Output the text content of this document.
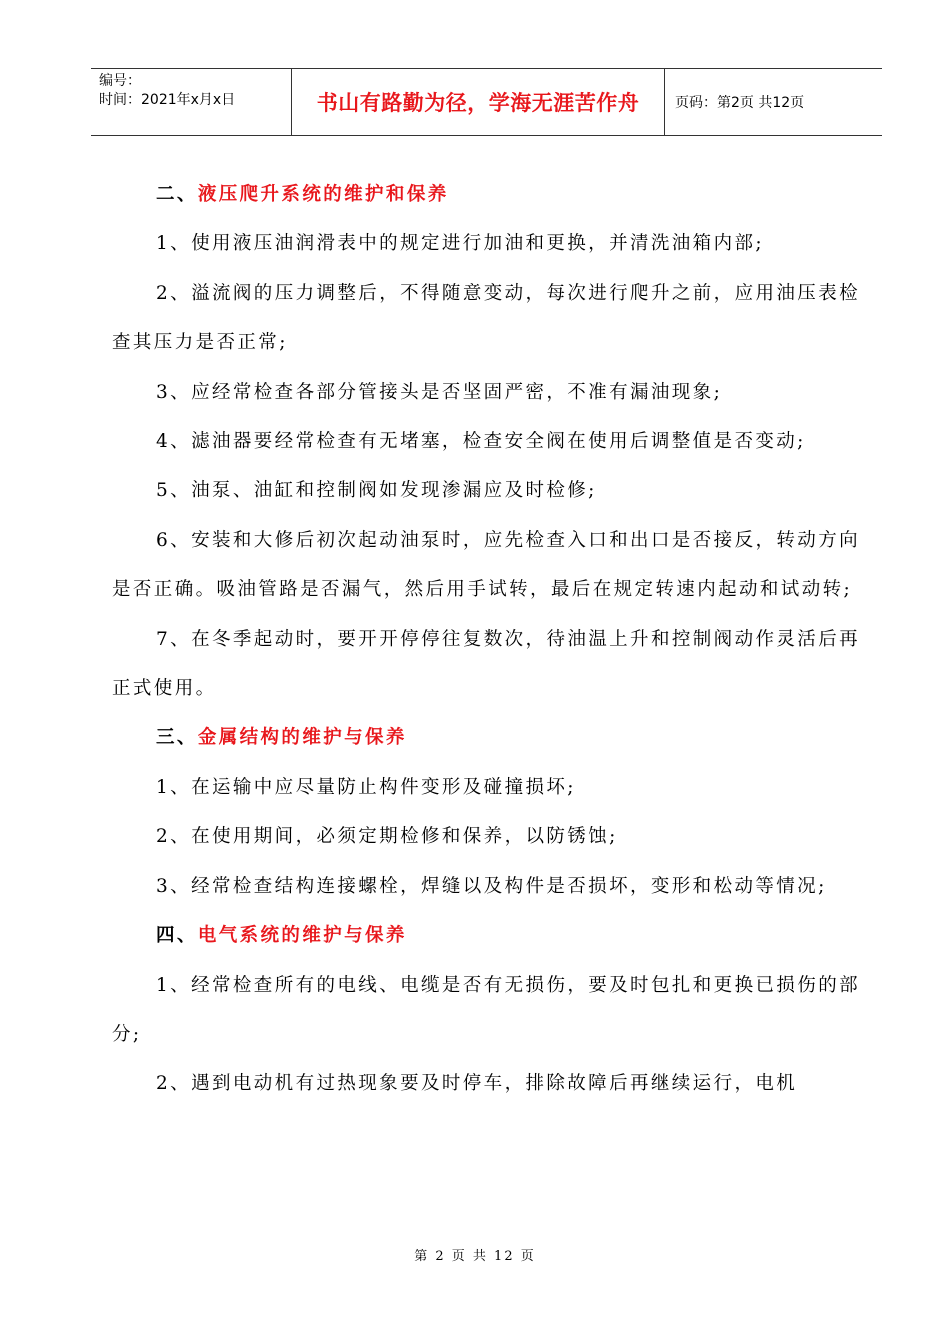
编号：
时间：2021年x月x日	书山有路勤为径，学海无涯苦作舟	页码：第2页 共12页

二、液压爬升系统的维护和保养

1、使用液压油润滑表中的规定进行加油和更换，并清洗油箱内部;

2、溢流阀的压力调整后，不得随意变动，每次进行爬升之前，应用油压表检查其压力是否正常;

3、应经常检查各部分管接头是否坚固严密，不准有漏油现象;

4、滤油器要经常检查有无堵塞，检查安全阀在使用后调整值是否变动;

5、油泵、油缸和控制阀如发现渗漏应及时检修;

6、安装和大修后初次起动油泵时，应先检查入口和出口是否接反，转动方向是否正确。吸油管路是否漏气，然后用手试转，最后在规定转速内起动和试动转;

7、在冬季起动时，要开开停停往复数次，待油温上升和控制阀动作灵活后再正式使用。

三、金属结构的维护与保养

1、在运输中应尽量防止构件变形及碰撞损坏;

2、在使用期间，必须定期检修和保养，以防锈蚀;

3、经常检查结构连接螺栓，焊缝以及构件是否损坏，变形和松动等情况;

四、电气系统的维护与保养

1、经常检查所有的电线、电缆是否有无损伤，要及时包扎和更换已损伤的部分;

2、遇到电动机有过热现象要及时停车，排除故障后再继续运行，电机

第 2 页 共 12 页
